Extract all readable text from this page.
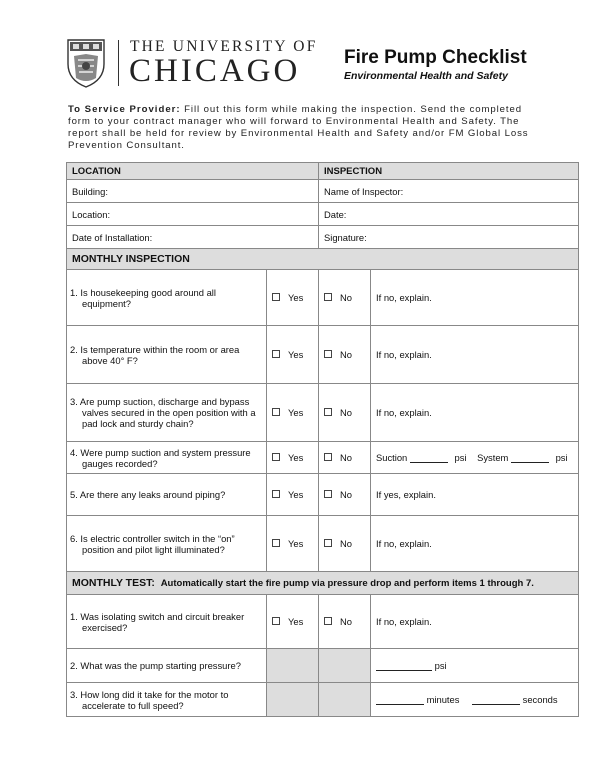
THE UNIVERSITY OF
CHICAGO Fire Pump Checklist
Environmental Health and Safety
To Service Provider: Fill out this form while making the inspection. Send the completed form to your contract manager who will forward to Environmental Health and Safety. The report shall be held for review by Environmental Health and Safety and/or FM Global Loss Prevention Consultant.
LOCATION		INSPECTION	
Building:		Name of Inspector:	
Location:		Date:	
Date of Installation:		Signature:	
MONTHLY INSPECTION			
1. Is housekeeping good around all equipment?	Yes	No	If no, explain.
2. Is temperature within the room or area above 40° F?	Yes	No	If no, explain.
3. Are pump suction, discharge and bypass valves secured in the open position with a pad lock and sturdy chain?	Yes	No	If no, explain.
4. Were pump suction and system pressure gauges recorded?	Yes	No	Suction psi System psi
5. Are there any leaks around piping?	Yes	No	If yes, explain.
6. Is electric controller switch in the “on” position and pilot light illuminated?	Yes	No	If no, explain.
MONTHLY TEST: Automatically start the fire pump via pressure drop and perform items 1 through 7.			
1. Was isolating switch and circuit breaker exercised?	Yes	No	If no, explain.
2. What was the pump starting pressure?			psi
3. How long did it take for the motor to accelerate to full speed?			minutes seconds
